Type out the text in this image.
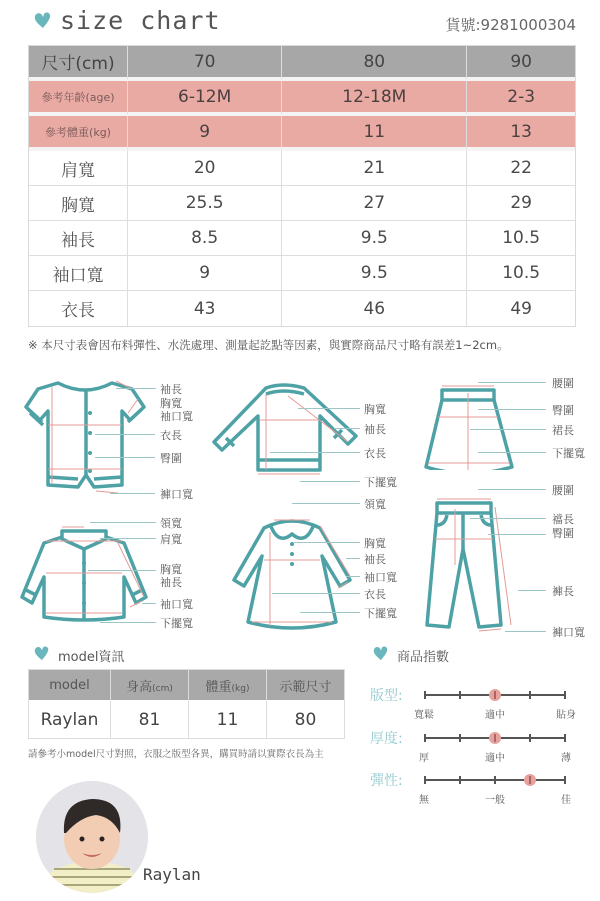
size chart	貨號:9281000304
尺寸(cm)	70	80	90
參考年齡(age)	6-12M	12-18M	2-3
參考體重(kg)	9	11	13
肩寬	20	21	22
胸寬	25.5	27	29
袖長	8.5	9.5	10.5
袖口寬	9	9.5	10.5
衣長	43	46	49
※ 本尺寸表會因布料彈性、水洗處理、測量起訖點等因素，與實際商品尺寸略有誤差1~2cm。
袖長
胸寬
袖口寬
衣長
臀圍
褲口寬
胸寬
袖長
衣長
下擺寬
腰圍
臀圍
裙長
下擺寬
領寬
肩寬
胸寬
袖長
袖口寬
下擺寬
領寬
胸寬
袖長
袖口寬
衣長
下擺寬
腰圍
襠長
臀圍
褲長
褲口寬
model資訊
model	身高(cm)	體重(kg)	示範尺寸
Raylan	81	11	80
請參考小model尺寸對照，衣服之版型各異，購買時請以實際衣長為主
Raylan
商品指數
版型:
寬鬆	適中	貼身
厚度:
厚	適中	薄
彈性:
無	一般	佳
